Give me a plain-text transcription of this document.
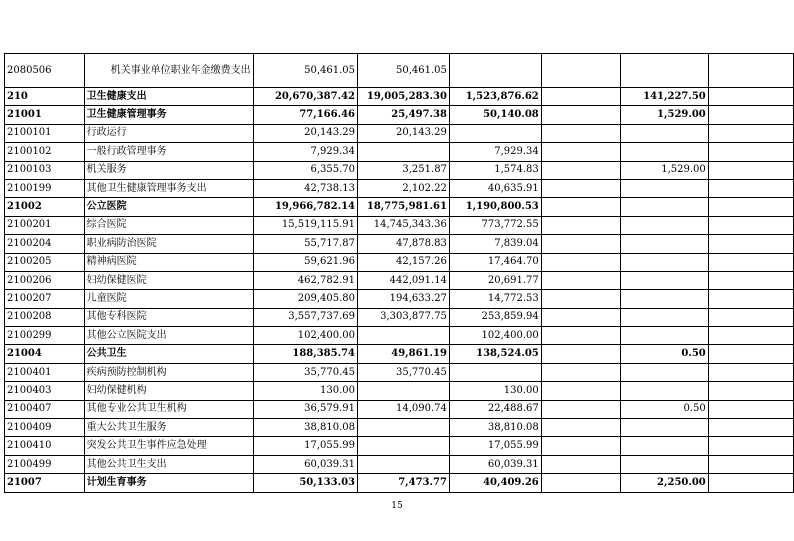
2080506	机关事业单位职业年金缴费支出	50,461.05	50,461.05				
210	卫生健康支出	20,670,387.42	19,005,283.30	1,523,876.62		141,227.50	
21001	卫生健康管理事务	77,166.46	25,497.38	50,140.08		1,529.00	
2100101	行政运行	20,143.29	20,143.29				
2100102	一般行政管理事务	7,929.34		7,929.34			
2100103	机关服务	6,355.70	3,251.87	1,574.83		1,529.00	
2100199	其他卫生健康管理事务支出	42,738.13	2,102.22	40,635.91			
21002	公立医院	19,966,782.14	18,775,981.61	1,190,800.53			
2100201	综合医院	15,519,115.91	14,745,343.36	773,772.55			
2100204	职业病防治医院	55,717.87	47,878.83	7,839.04			
2100205	精神病医院	59,621.96	42,157.26	17,464.70			
2100206	妇幼保健医院	462,782.91	442,091.14	20,691.77			
2100207	儿童医院	209,405.80	194,633.27	14,772.53			
2100208	其他专科医院	3,557,737.69	3,303,877.75	253,859.94			
2100299	其他公立医院支出	102,400.00		102,400.00			
21004	公共卫生	188,385.74	49,861.19	138,524.05		0.50	
2100401	疾病预防控制机构	35,770.45	35,770.45				
2100403	妇幼保健机构	130.00		130.00			
2100407	其他专业公共卫生机构	36,579.91	14,090.74	22,488.67		0.50	
2100409	重大公共卫生服务	38,810.08		38,810.08			
2100410	突发公共卫生事件应急处理	17,055.99		17,055.99			
2100499	其他公共卫生支出	60,039.31		60,039.31			
21007	计划生育事务	50,133.03	7,473.77	40,409.26		2,250.00	
15
